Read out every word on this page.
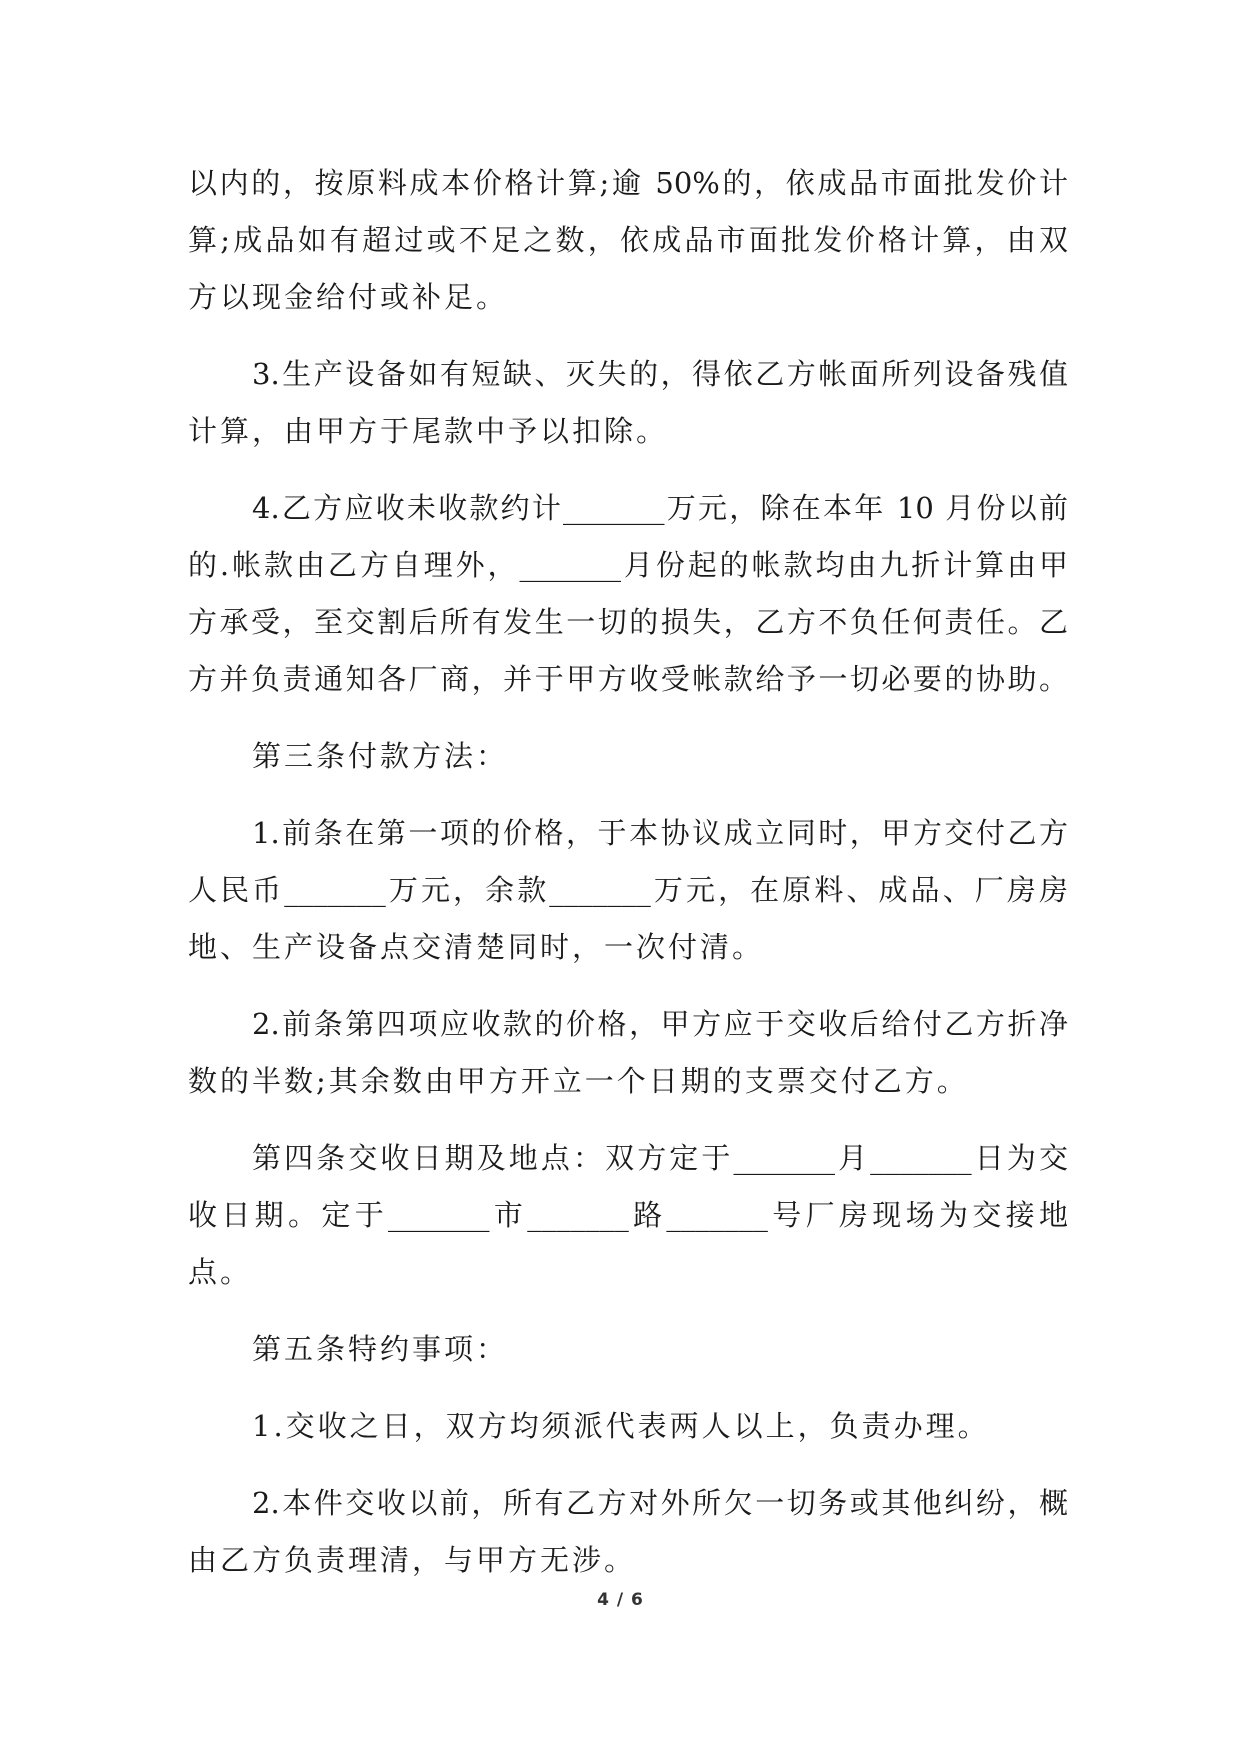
以内的，按原料成本价格计算;逾 50%的，依成品市面批发价计

算;成品如有超过或不足之数，依成品市面批发价格计算，由双

方以现金给付或补足。

3.生产设备如有短缺、灭失的，得依乙方帐面所列设备残值

计算，由甲方于尾款中予以扣除。

4.乙方应收未收款约计_______万元，除在本年 10 月份以前

的.帐款由乙方自理外，_______月份起的帐款均由九折计算由甲

方承受，至交割后所有发生一切的损失，乙方不负任何责任。乙

方并负责通知各厂商，并于甲方收受帐款给予一切必要的协助。

第三条付款方法：

1.前条在第一项的价格，于本协议成立同时，甲方交付乙方

人民币_______万元，余款_______万元，在原料、成品、厂房房

地、生产设备点交清楚同时，一次付清。

2.前条第四项应收款的价格，甲方应于交收后给付乙方折净

数的半数;其余数由甲方开立一个日期的支票交付乙方。

第四条交收日期及地点：双方定于_______月_______日为交

收日期。定于_______市_______路_______号厂房现场为交接地

点。

第五条特约事项：

1.交收之日，双方均须派代表两人以上，负责办理。

2.本件交收以前，所有乙方对外所欠一切务或其他纠纷，概

由乙方负责理清，与甲方无涉。

4 / 6
